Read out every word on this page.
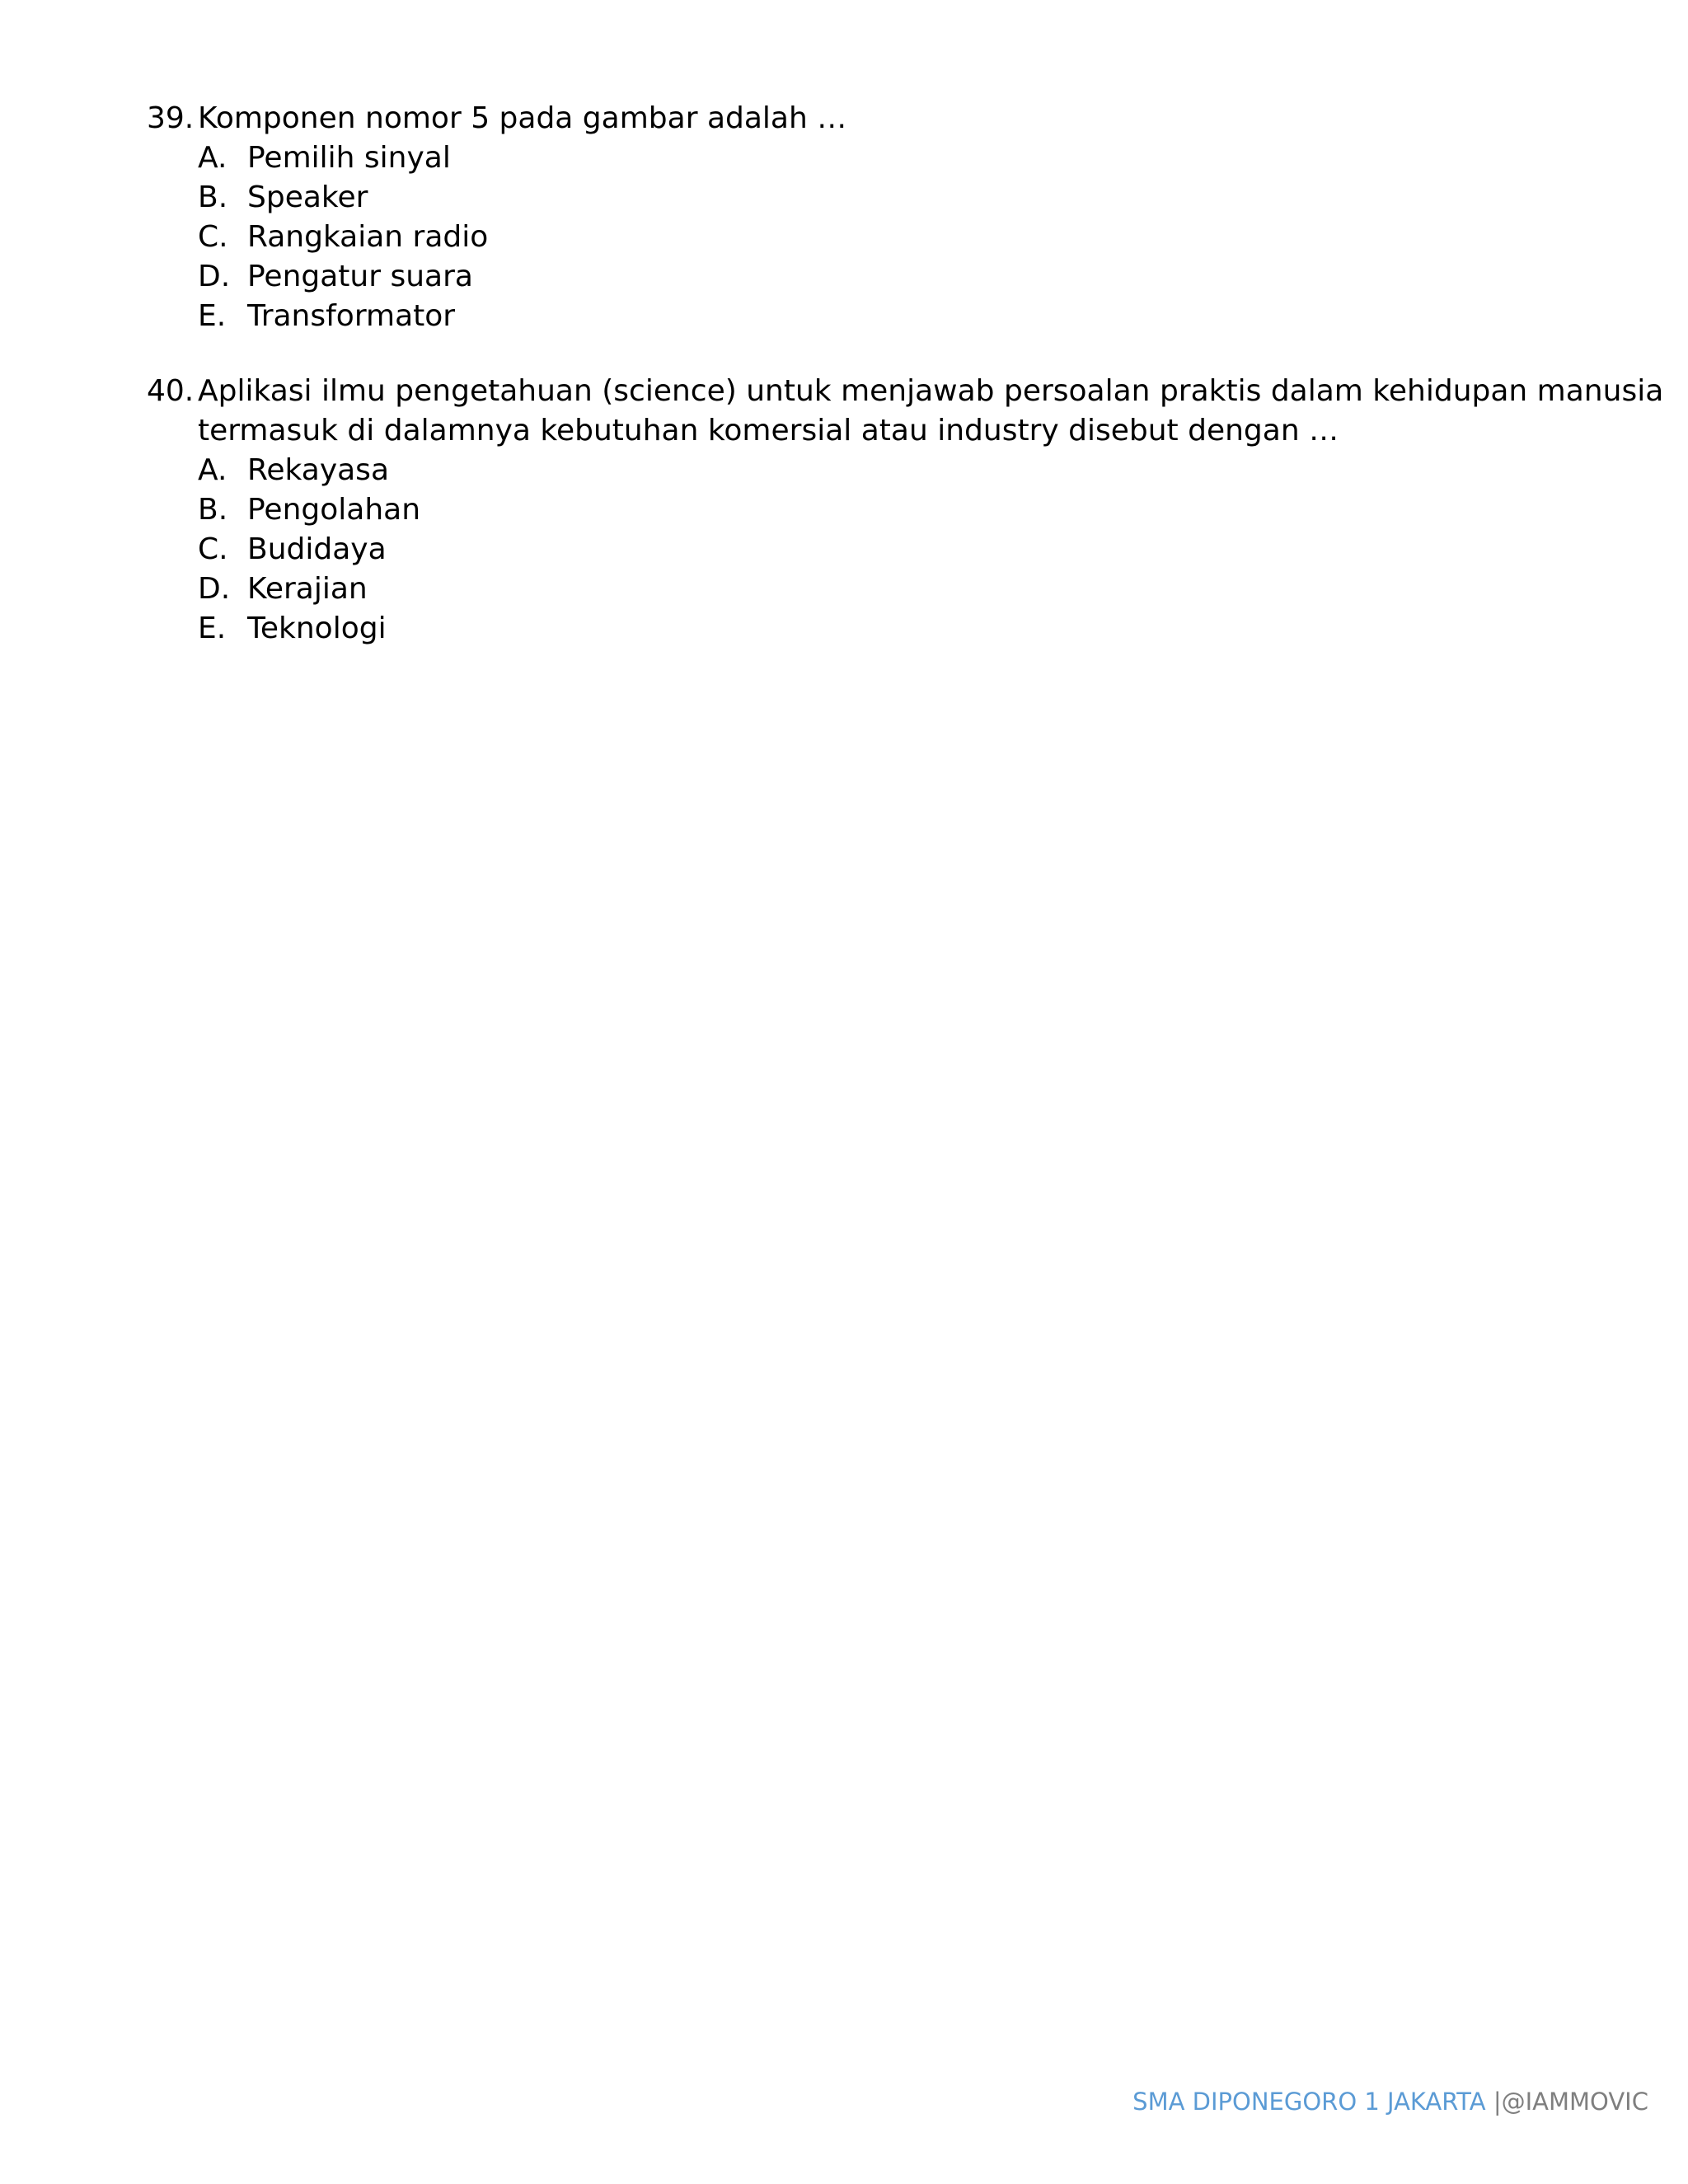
39. Komponen nomor 5 pada gambar adalah …
A. Pemilih sinyal
B. Speaker
C. Rangkaian radio
D. Pengatur suara
E. Transformator
40. Aplikasi ilmu pengetahuan (science) untuk menjawab persoalan praktis dalam kehidupan manusia
termasuk di dalamnya kebutuhan komersial atau industry disebut dengan …
A. Rekayasa
B. Pengolahan
C. Budidaya
D. Kerajian
E. Teknologi
SMA DIPONEGORO 1 JAKARTA |@IAMMOVIC
